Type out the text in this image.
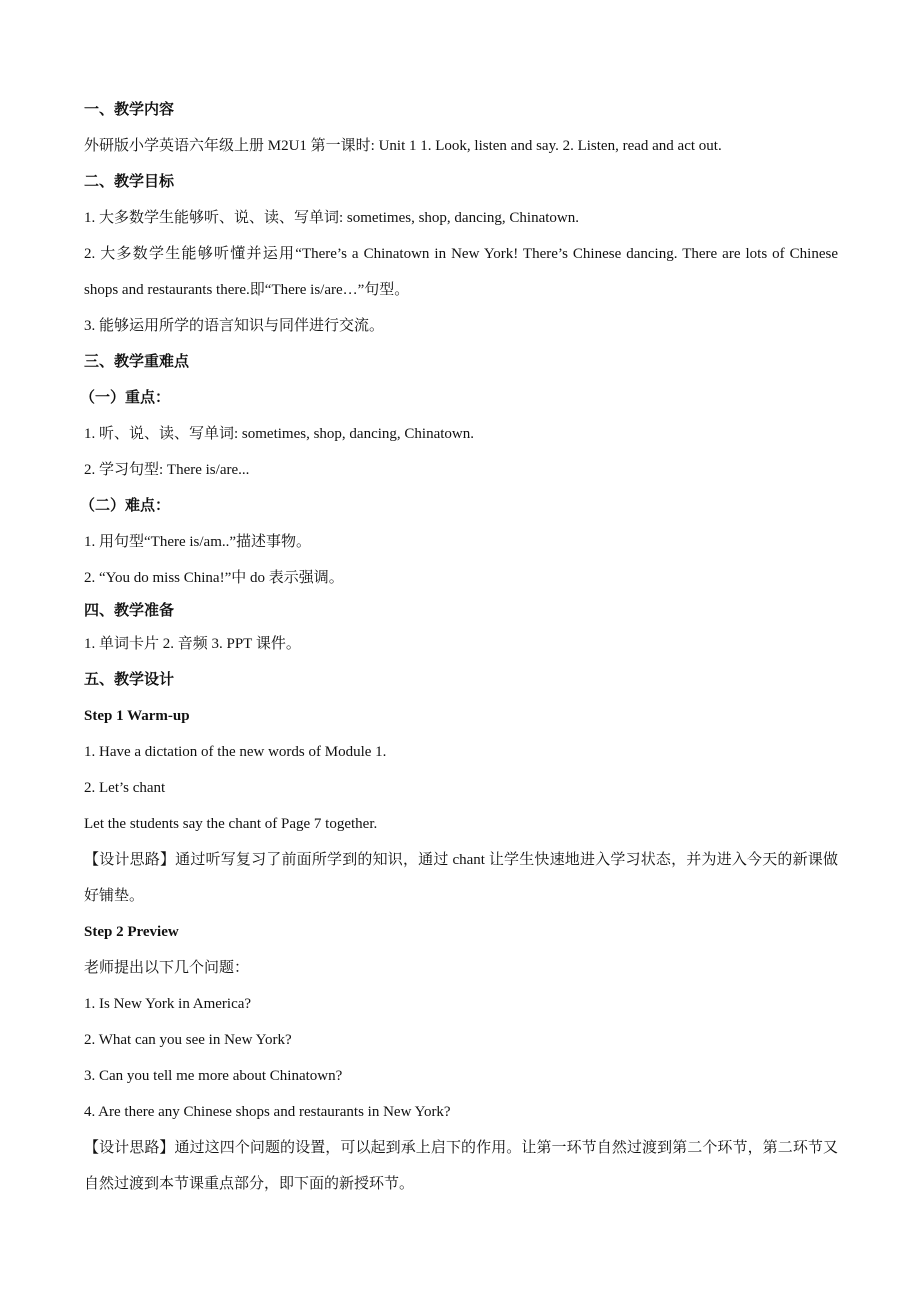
一、教学内容
外研版小学英语六年级上册 M2U1 第一课时: Unit 1 1. Look, listen and say. 2. Listen, read and act out.
二、教学目标
1. 大多数学生能够听、说、读、写单词: sometimes, shop, dancing, Chinatown.
2. 大多数学生能够听懂并运用“There’s a Chinatown in New York! There’s Chinese dancing. There are lots of Chinese shops and restaurants there.即“There is/are…”句型。
3. 能够运用所学的语言知识与同伴进行交流。
三、教学重难点
（一）重点：
1. 听、说、读、写单词: sometimes, shop, dancing, Chinatown.
2. 学习句型: There is/are...
（二）难点：
1. 用句型“There is/am..”描述事物。
2. “You do miss China!”中 do 表示强调。
四、教学准备
1. 单词卡片 2. 音频 3. PPT 课件。
五、教学设计
Step 1 Warm-up
1. Have a dictation of the new words of Module 1.
2. Let’s chant
Let the students say the chant of Page 7 together.
【设计思路】通过听写复习了前面所学到的知识，通过 chant 让学生快速地进入学习状态，并为进入今天的新课做好铺垫。
Step 2 Preview
老师提出以下几个问题：
1. Is New York in America?
2. What can you see in New York?
3. Can you tell me more about Chinatown?
4. Are there any Chinese shops and restaurants in New York?
【设计思路】通过这四个问题的设置，可以起到承上启下的作用。让第一环节自然过渡到第二个环节，第二环节又自然过渡到本节课重点部分，即下面的新授环节。
